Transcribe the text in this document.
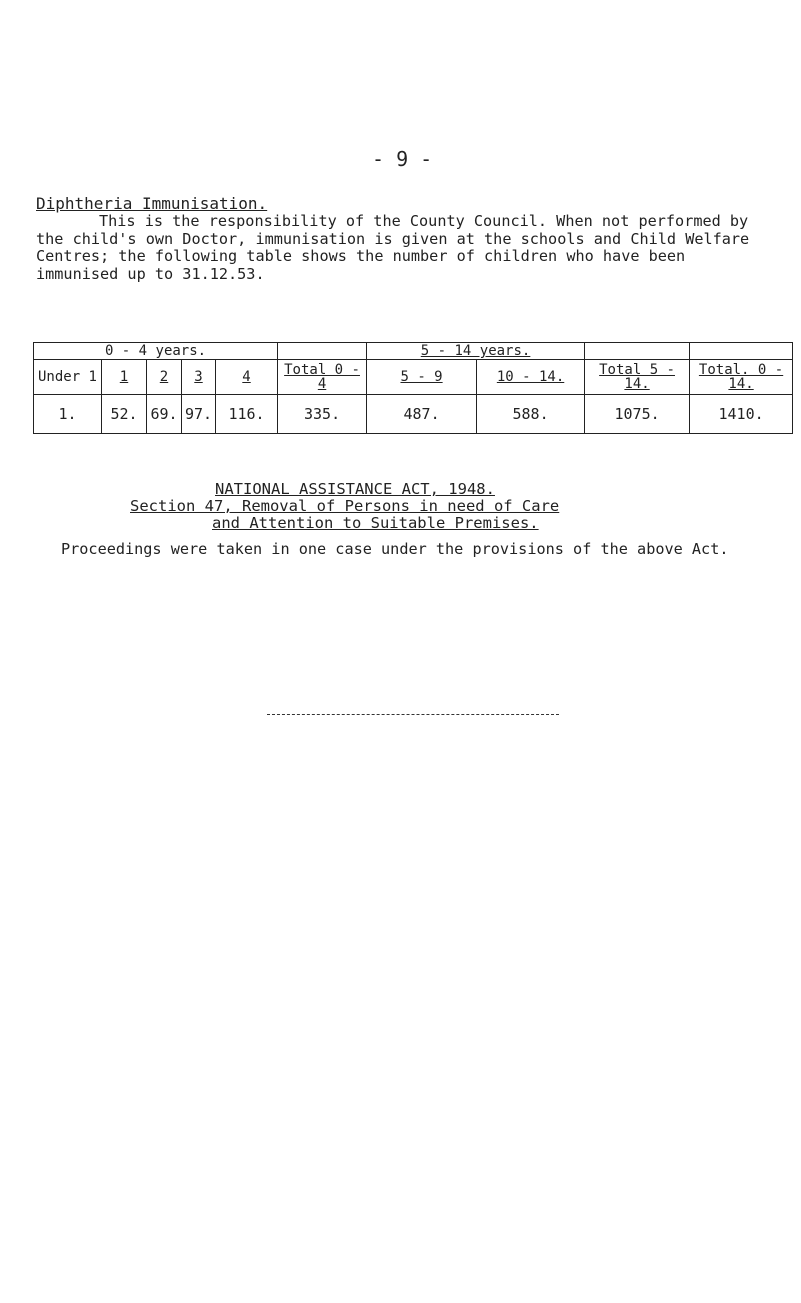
- 9 -
Diphtheria Immunisation.
This is the responsibility of the County Council. When not performed by the child's own Doctor, immunisation is given at the schools and Child Welfare Centres; the following table shows the number of children who have been immunised up to 31.12.53.
0 - 4 years.						5 - 14 years.			
Under 1	1	2	3	4	Total 0 - 4	5 - 9	10 - 14.	Total 5 - 14.	Total. 0 - 14.
1.	52.	69.	97.	116.	335.	487.	588.	1075.	1410.
NATIONAL ASSISTANCE ACT, 1948.
Section 47, Removal of Persons in need of Care
and Attention to Suitable Premises.
Proceedings were taken in one case under the provisions of the above Act.
